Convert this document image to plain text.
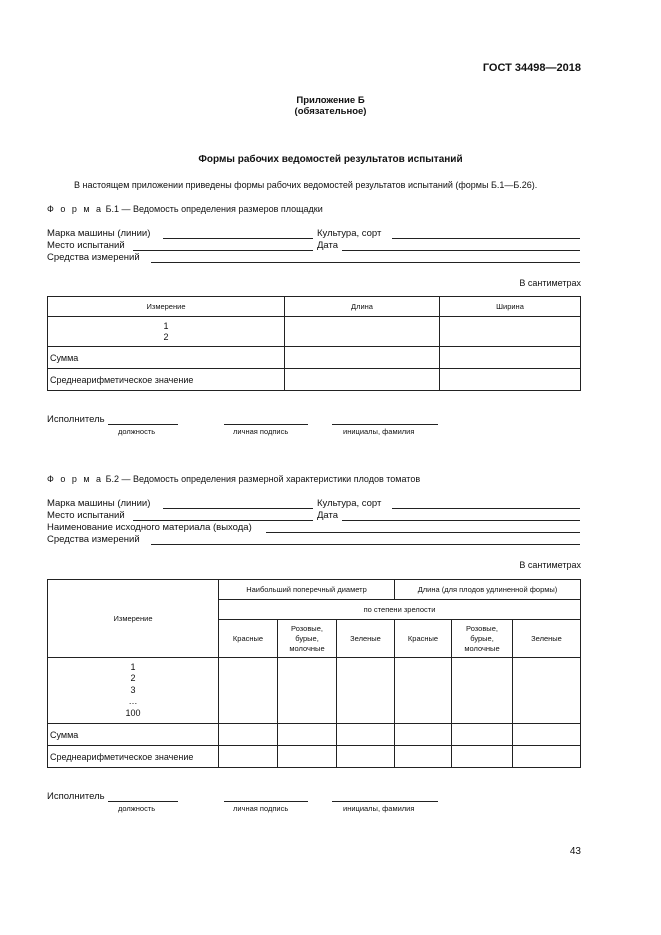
ГОСТ 34498—2018
Приложение Б
(обязательное)
Формы рабочих ведомостей результатов испытаний
В настоящем приложении приведены формы рабочих ведомостей результатов испытаний (формы Б.1—Б.26).
Ф о р м а Б.1 — Ведомость определения размеров площадки
Марка машины (линии)	Культура, сорт
Место испытаний	Дата
Средства измерений
В сантиметрах
Измерение	Длина	Ширина

1
2		

Сумма		
Среднеарифметическое значение		
Исполнитель
должность	личная подпись	инициалы, фамилия
Ф о р м а Б.2 — Ведомость определения размерной характеристики плодов томатов
Марка машины (линии)	Культура, сорт
Место испытаний	Дата
Наименование исходного материала (выхода)
Средства измерений
В сантиметрах
Измерение	Наибольший поперечный диаметр			Длина (для плодов удлиненной формы)		
	по степени зрелости					
	Красные	Розовые, бурые, молочные	Зеленые	Красные	Розовые, бурые, молочные	Зеленые

1
2
3
…
100						

Сумма						
Среднеарифметическое значение						
Исполнитель
должность	личная подпись	инициалы, фамилия
43
